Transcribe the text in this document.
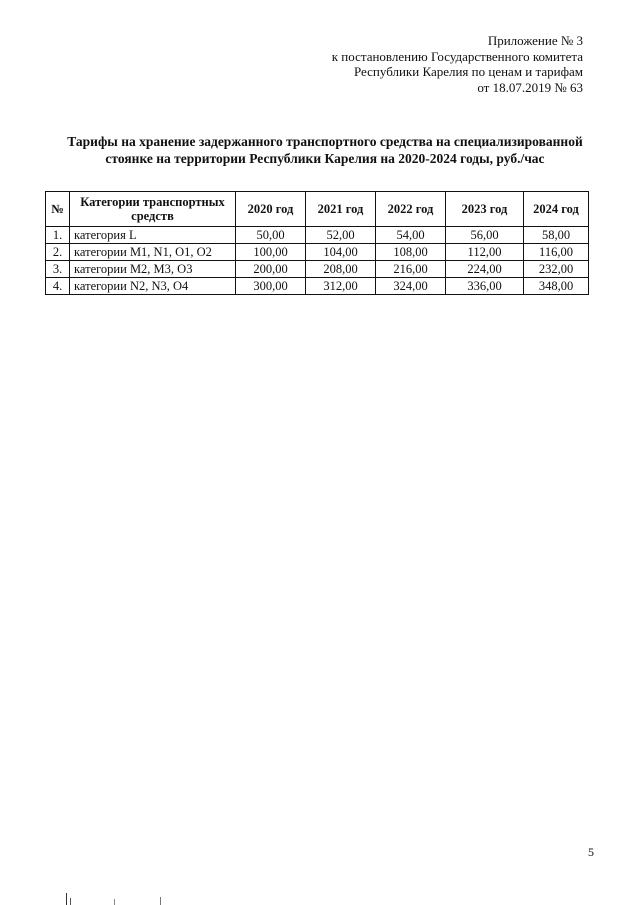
Приложение № 3
к постановлению Государственного комитета
Республики Карелия по ценам и тарифам
от 18.07.2019 № 63
Тарифы на хранение задержанного транспортного средства на специализированной
стоянке на территории Республики Карелия на 2020-2024 годы, руб./час
№	Категории транспортных средств	2020 год	2021 год	2022 год	2023 год	2024 год
1.	категория L	50,00	52,00	54,00	56,00	58,00
2.	категории M1, N1, O1, O2	100,00	104,00	108,00	112,00	116,00
3.	категории M2, M3, O3	200,00	208,00	216,00	224,00	232,00
4.	категории N2, N3, O4	300,00	312,00	324,00	336,00	348,00
5
